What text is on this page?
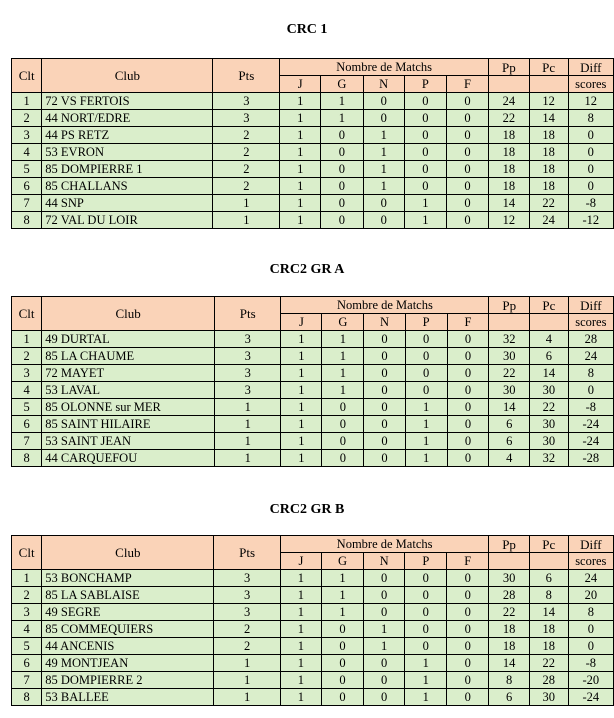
CRC 1
Clt	Club	Pts	Nombre de Matchs					Pp	Pc	Diff
			J	G	N	P	F			scores
1	72 VS FERTOIS	3	1	1	0	0	0	24	12	12
2	44 NORT/EDRE	3	1	1	0	0	0	22	14	8
3	44 PS RETZ	2	1	0	1	0	0	18	18	0
4	53 EVRON	2	1	0	1	0	0	18	18	0
5	85 DOMPIERRE 1	2	1	0	1	0	0	18	18	0
6	85 CHALLANS	2	1	0	1	0	0	18	18	0
7	44 SNP	1	1	0	0	1	0	14	22	-8
8	72 VAL DU LOIR	1	1	0	0	1	0	12	24	-12
CRC2 GR A
Clt	Club	Pts	Nombre de Matchs					Pp	Pc	Diff
			J	G	N	P	F			scores
1	49 DURTAL	3	1	1	0	0	0	32	4	28
2	85 LA CHAUME	3	1	1	0	0	0	30	6	24
3	72 MAYET	3	1	1	0	0	0	22	14	8
4	53 LAVAL	3	1	1	0	0	0	30	30	0
5	85 OLONNE sur MER	1	1	0	0	1	0	14	22	-8
6	85 SAINT HILAIRE	1	1	0	0	1	0	6	30	-24
7	53 SAINT JEAN	1	1	0	0	1	0	6	30	-24
8	44 CARQUEFOU	1	1	0	0	1	0	4	32	-28
CRC2 GR B
Clt	Club	Pts	Nombre de Matchs					Pp	Pc	Diff
			J	G	N	P	F			scores
1	53 BONCHAMP	3	1	1	0	0	0	30	6	24
2	85 LA SABLAISE	3	1	1	0	0	0	28	8	20
3	49 SEGRE	3	1	1	0	0	0	22	14	8
4	85 COMMEQUIERS	2	1	0	1	0	0	18	18	0
5	44 ANCENIS	2	1	0	1	0	0	18	18	0
6	49 MONTJEAN	1	1	0	0	1	0	14	22	-8
7	85 DOMPIERRE 2	1	1	0	0	1	0	8	28	-20
8	53 BALLEE	1	1	0	0	1	0	6	30	-24
